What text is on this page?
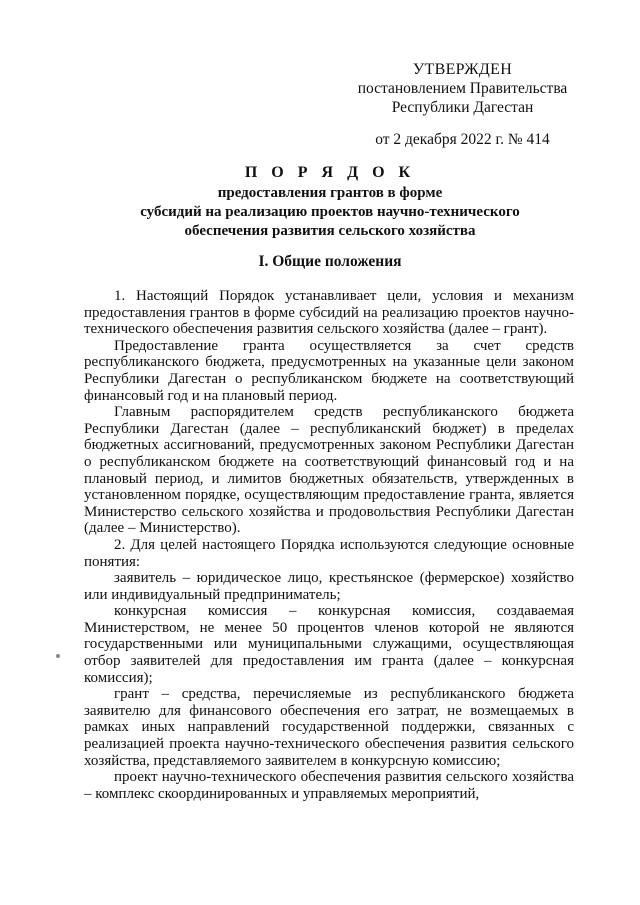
УТВЕРЖДЕН
постановлением Правительства
Республики Дагестан
от 2 декабря 2022 г. № 414
П О Р Я Д О К
предоставления грантов в форме
субсидий на реализацию проектов научно-технического
обеспечения развития сельского хозяйства
I. Общие положения

1. Настоящий Порядок устанавливает цели, условия и механизм предоставления грантов в форме субсидий на реализацию проектов научно-технического обеспечения развития сельского хозяйства (далее – грант).

Предоставление гранта осуществляется за счет средств республиканского бюджета, предусмотренных на указанные цели законом Республики Дагестан о республиканском бюджете на соответствующий финансовый год и на плановый период.

Главным распорядителем средств республиканского бюджета Республики Дагестан (далее – республиканский бюджет) в пределах бюджетных ассигнований, предусмотренных законом Республики Дагестан о республиканском бюджете на соответствующий финансовый год и на плановый период, и лимитов бюджетных обязательств, утвержденных в установленном порядке, осуществляющим предоставление гранта, является Министерство сельского хозяйства и продовольствия Республики Дагестан (далее – Министерство).

2. Для целей настоящего Порядка используются следующие основные понятия:

заявитель – юридическое лицо, крестьянское (фермерское) хозяйство или индивидуальный предприниматель;

конкурсная комиссия – конкурсная комиссия, создаваемая Министерством, не менее 50 процентов членов которой не являются государственными или муниципальными служащими, осуществляющая отбор заявителей для предоставления им гранта (далее – конкурсная комиссия);

грант – средства, перечисляемые из республиканского бюджета заявителю для финансового обеспечения его затрат, не возмещаемых в рамках иных направлений государственной поддержки, связанных с реализацией проекта научно-технического обеспечения развития сельского хозяйства, представляемого заявителем в конкурсную комиссию;

проект научно-технического обеспечения развития сельского хозяйства – комплекс скоординированных и управляемых мероприятий,
